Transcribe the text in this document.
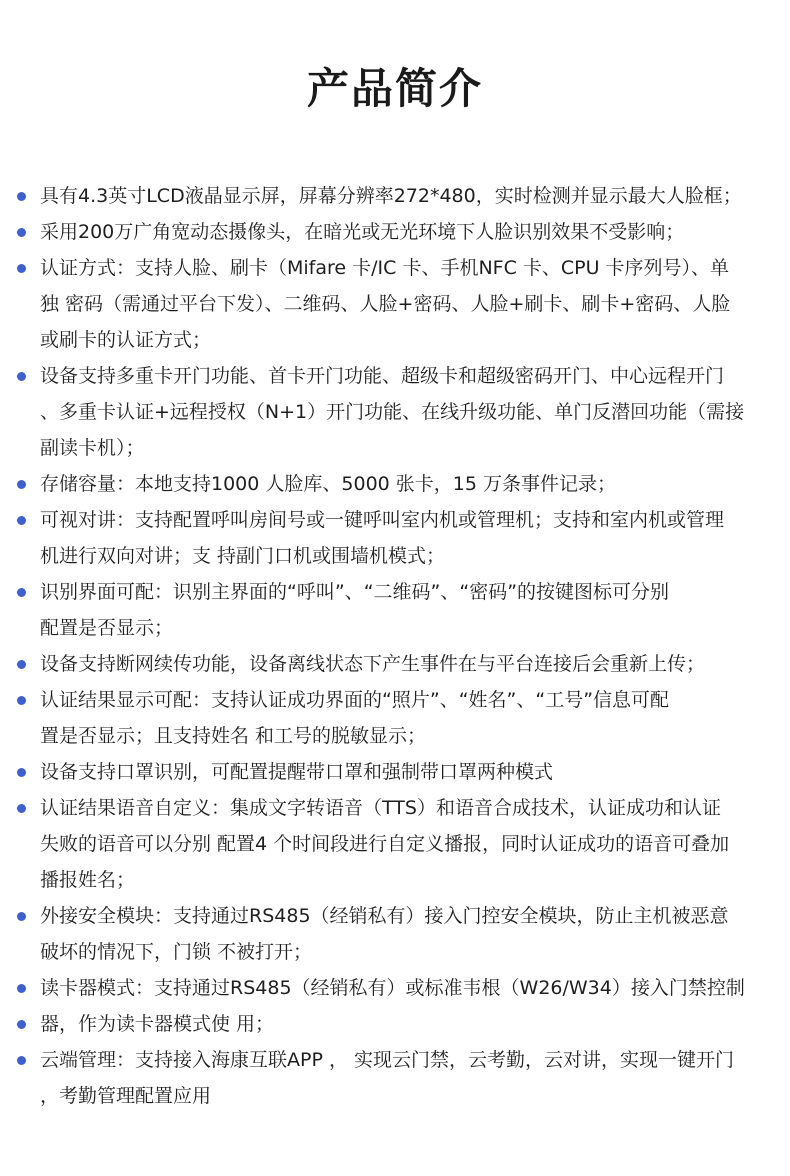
产品简介
具有4.3英寸LCD液晶显示屏，屏幕分辨率272*480，实时检测并显示最大人脸框；
采用200万广角宽动态摄像头，在暗光或无光环境下人脸识别效果不受影响；
认证方式：支持人脸、刷卡（Mifare 卡/IC 卡、手机NFC 卡、CPU 卡序列号）、单
独 密码（需通过平台下发）、二维码、人脸+密码、人脸+刷卡、刷卡+密码、人脸
或刷卡的认证方式；
设备支持多重卡开门功能、首卡开门功能、超级卡和超级密码开门、中心远程开门
、多重卡认证+远程授权（N+1）开门功能、在线升级功能、单门反潜回功能（需接
副读卡机）；
存储容量：本地支持1000 人脸库、5000 张卡，15 万条事件记录；
可视对讲：支持配置呼叫房间号或一键呼叫室内机或管理机；支持和室内机或管理
机进行双向对讲；支 持副门口机或围墙机模式；
识别界面可配：识别主界面的“呼叫”、“二维码”、“密码”的按键图标可分别
配置是否显示；
设备支持断网续传功能，设备离线状态下产生事件在与平台连接后会重新上传；
认证结果显示可配：支持认证成功界面的“照片”、“姓名”、“工号”信息可配
置是否显示；且支持姓名 和工号的脱敏显示；
设备支持口罩识别，可配置提醒带口罩和强制带口罩两种模式
认证结果语音自定义：集成文字转语音（TTS）和语音合成技术，认证成功和认证
失败的语音可以分别 配置4 个时间段进行自定义播报，同时认证成功的语音可叠加
播报姓名；
外接安全模块：支持通过RS485（经销私有）接入门控安全模块，防止主机被恶意
破坏的情况下，门锁 不被打开；
读卡器模式：支持通过RS485（经销私有）或标准韦根（W26/W34）接入门禁控制
器，作为读卡器模式使 用；
云端管理：支持接入海康互联APP ， 实现云门禁，云考勤，云对讲，实现一键开门
，考勤管理配置应用
